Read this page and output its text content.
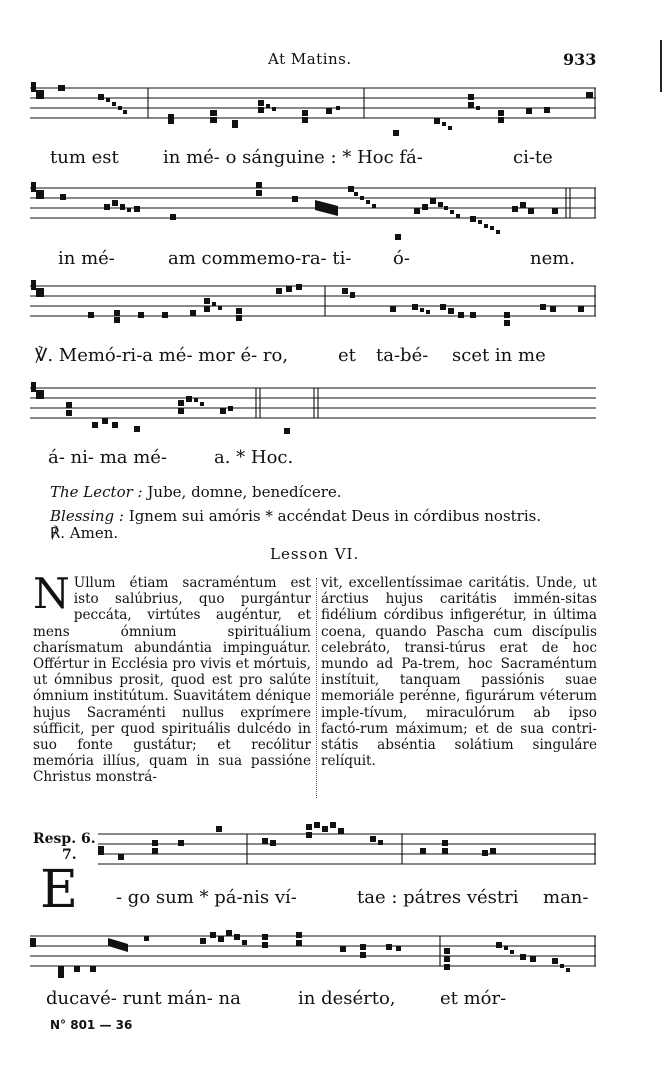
At Matins.	933
tum est in mé- o sánguine : * Hoc fá-	ci-te
in mé-	am commemo-ra- ti- ó-	nem.
℣. Memó-ri-a mé- mor é- ro,	et ta-bé- scet in me
á- ni- ma mé-	a. * Hoc.
The Lector : Jube, domne, benedícere.
Blessing : Ignem sui amóris * accéndat Deus in córdibus nostris.
℟. Amen.
Lesson VI.
N Ullum étiam sacraméntum est isto salúbrius, quo purgántur peccáta, virtútes augéntur, et mens ómnium spirituálium charísmatum abundántia impinguátur. Offértur in Ecclésia pro vivis et mórtuis, ut ómnibus prosit, quod est pro salúte ómnium institútum. Suavitátem dénique hujus Sacraménti nullus exprímere súfficit, per quod spirituális dulcédo in suo fonte gustátur; et recólitur memória illíus, quam in sua passióne Christus monstrá-

vit, excellentíssimae caritátis. Unde, ut árctius hujus caritátis immén-sitas fidélium córdibus infigerétur, in última coena, quando Pascha cum discípulis celebráto, transi-túrus erat de hoc mundo ad Pa-trem, hoc Sacraméntum instítuit, tanquam passiónis suae memoriále perénne, figurárum véterum imple-tívum, miraculórum ab ipso factó-rum máximum; et de sua contri-státis abséntia solátium singuláre relíquit.

Resp. 6.
7.
E - go sum * pá-nis ví-	tae : pátres véstri man-
ducavé- runt mán- na	in desérto, et mór-
N° 801 — 36
